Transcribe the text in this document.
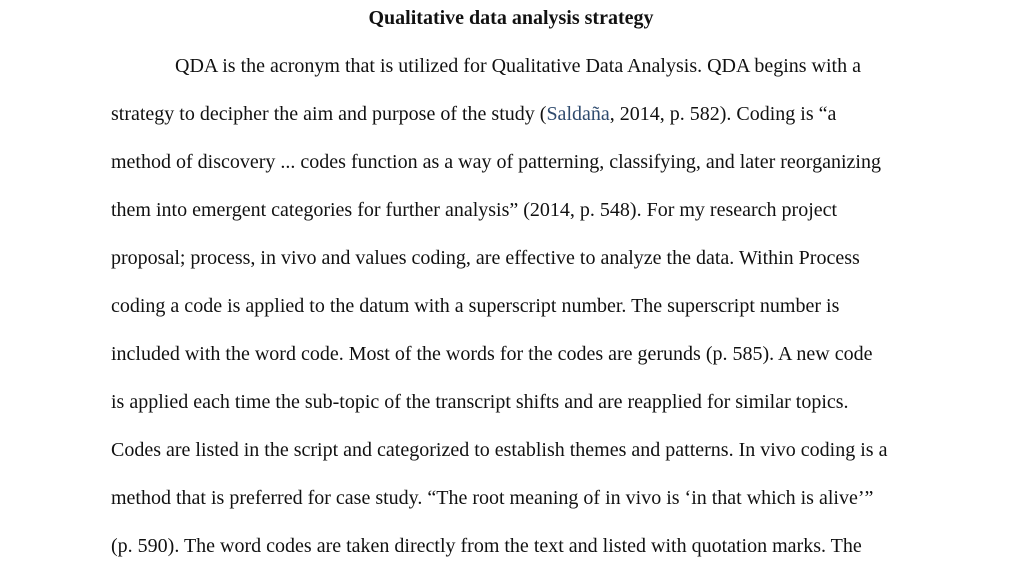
Qualitative data analysis strategy
QDA is the acronym that is utilized for Qualitative Data Analysis. QDA begins with a
strategy to decipher the aim and purpose of the study (Saldaña, 2014, p. 582). Coding is “a
method of discovery ... codes function as a way of patterning, classifying, and later reorganizing
them into emergent categories for further analysis” (2014, p. 548). For my research project
proposal; process, in vivo and values coding, are effective to analyze the data. Within Process
coding a code is applied to the datum with a superscript number. The superscript number is
included with the word code. Most of the words for the codes are gerunds (p. 585). A new code
is applied each time the sub-topic of the transcript shifts and are reapplied for similar topics.
Codes are listed in the script and categorized to establish themes and patterns. In vivo coding is a
method that is preferred for case study. “The root meaning of in vivo is ‘in that which is alive’”
(p. 590). The word codes are taken directly from the text and listed with quotation marks. The
